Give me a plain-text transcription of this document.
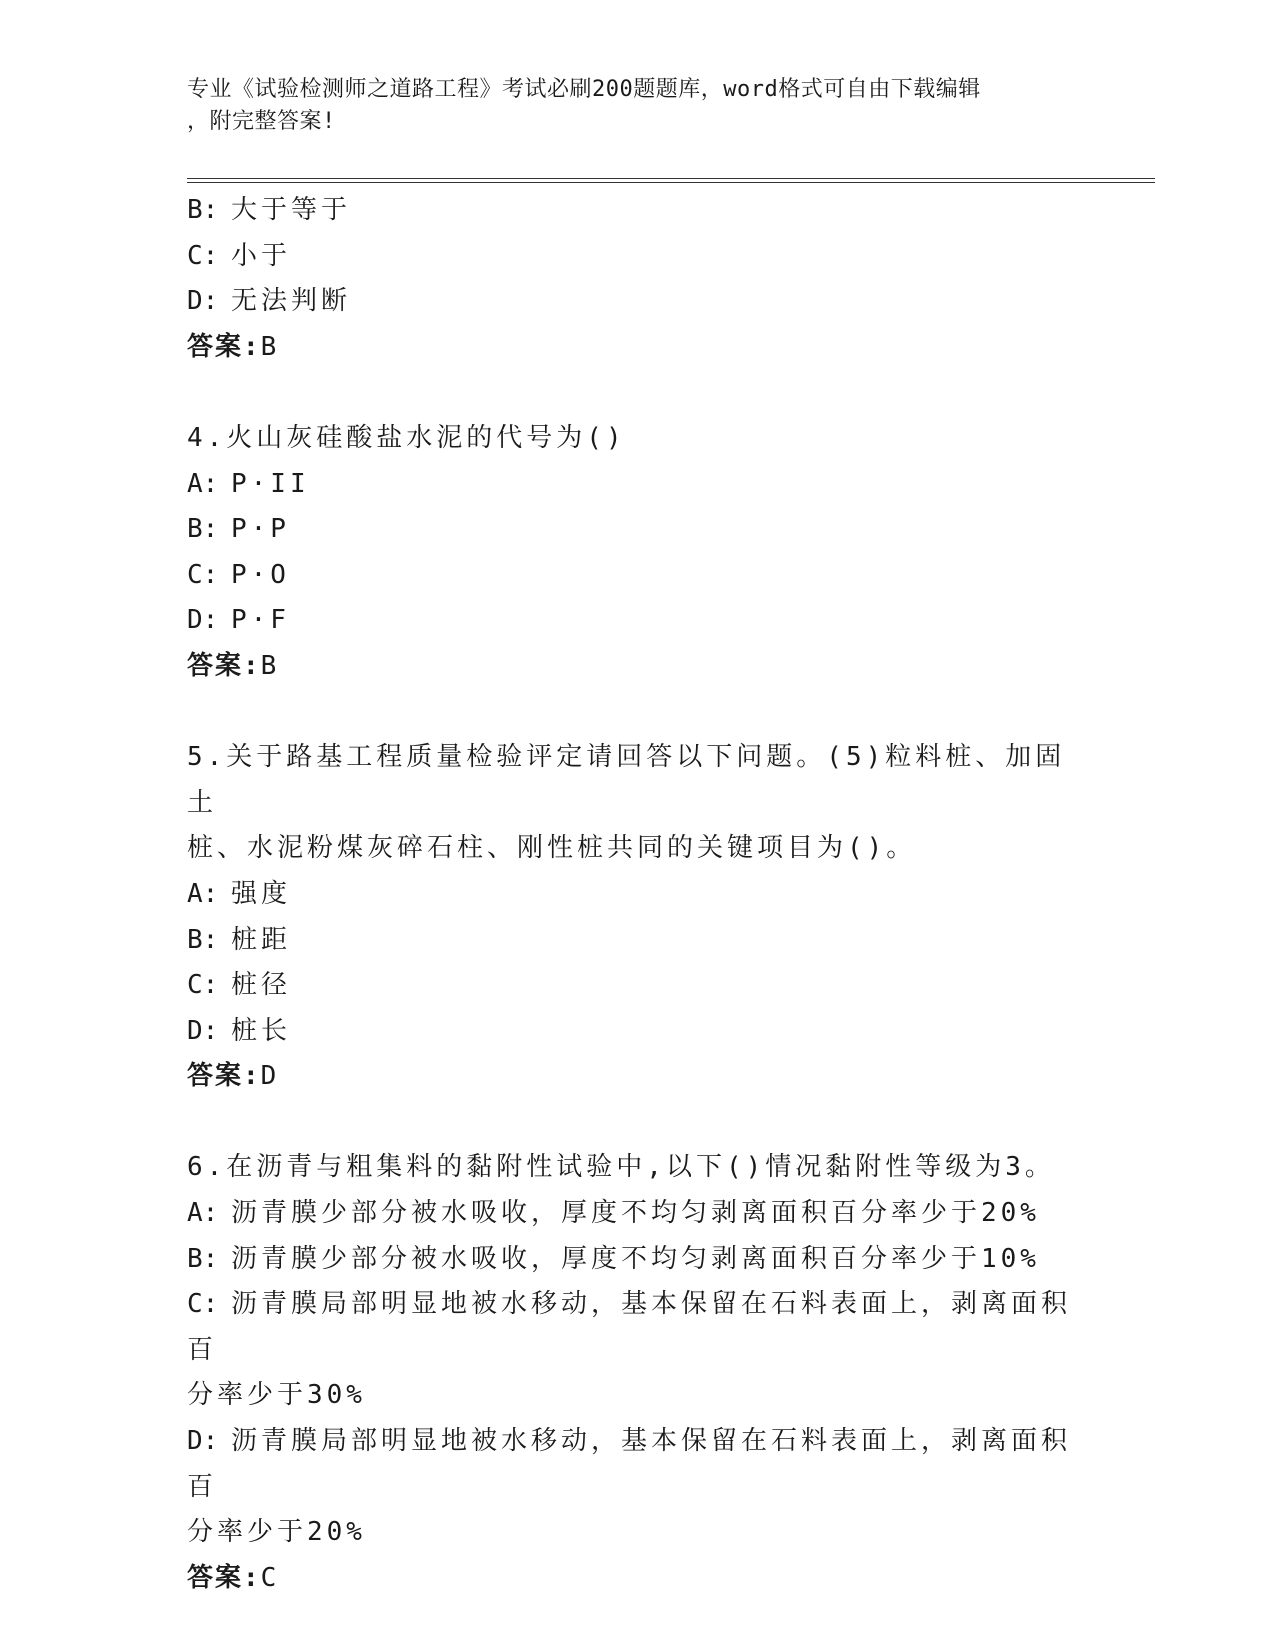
专业《试验检测师之道路工程》考试必刷200题题库，word格式可自由下载编辑
，附完整答案!
B: 大于等于
C: 小于
D: 无法判断
答案:B
4.火山灰硅酸盐水泥的代号为()
A: P·II
B: P·P
C: P·O
D: P·F
答案:B
5.关于路基工程质量检验评定请回答以下问题。(5)粒料桩、加固土
桩、水泥粉煤灰碎石柱、刚性桩共同的关键项目为()。
A: 强度
B: 桩距
C: 桩径
D: 桩长
答案:D
6.在沥青与粗集料的黏附性试验中,以下()情况黏附性等级为3。
A: 沥青膜少部分被水吸收，厚度不均匀剥离面积百分率少于20%
B: 沥青膜少部分被水吸收，厚度不均匀剥离面积百分率少于10%
C: 沥青膜局部明显地被水移动，基本保留在石料表面上，剥离面积百
分率少于30%
D: 沥青膜局部明显地被水移动，基本保留在石料表面上，剥离面积百
分率少于20%
答案:C
